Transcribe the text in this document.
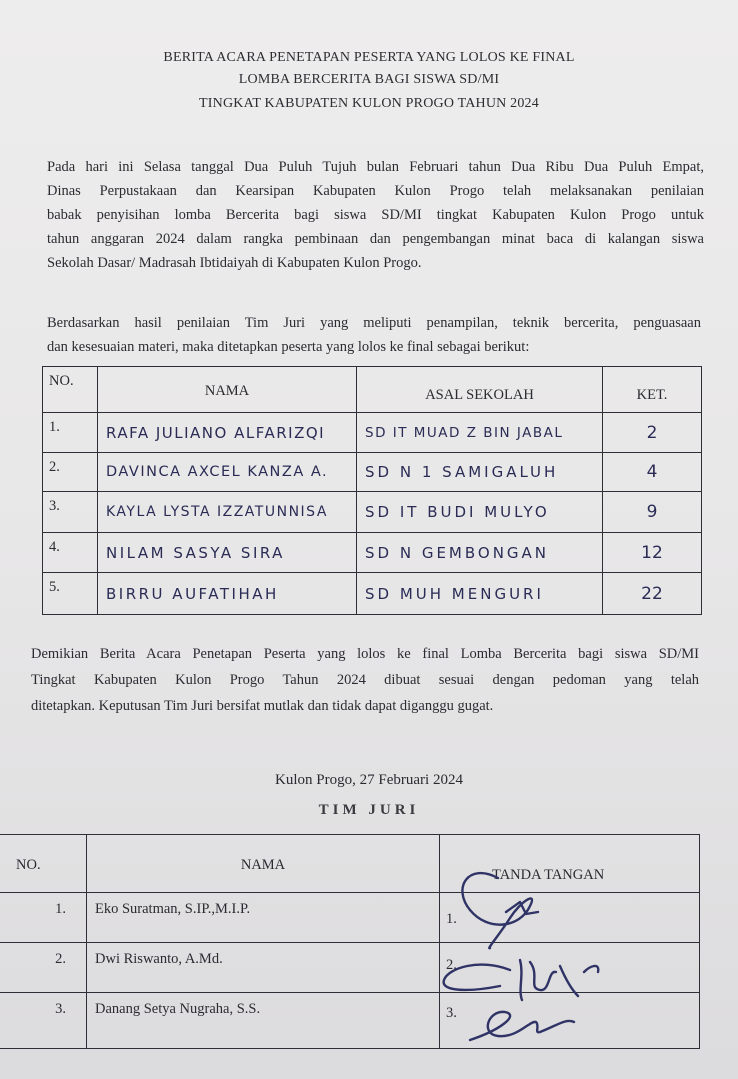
BERITA ACARA PENETAPAN PESERTA YANG LOLOS KE FINAL
LOMBA BERCERITA BAGI SISWA SD/MI
TINGKAT KABUPATEN KULON PROGO TAHUN 2024
Pada hari ini Selasa tanggal Dua Puluh Tujuh bulan Februari tahun Dua Ribu Dua Puluh Empat,
Dinas Perpustakaan dan Kearsipan Kabupaten Kulon Progo telah melaksanakan penilaian
babak penyisihan lomba Bercerita bagi siswa SD/MI tingkat Kabupaten Kulon Progo untuk
tahun anggaran 2024 dalam rangka pembinaan dan pengembangan minat baca di kalangan siswa
Sekolah Dasar/ Madrasah Ibtidaiyah di Kabupaten Kulon Progo.
Berdasarkan hasil penilaian Tim Juri yang meliputi penampilan, teknik bercerita, penguasaan
dan kesesuaian materi, maka ditetapkan peserta yang lolos ke final sebagai berikut:
NO.	NAMA	ASAL SEKOLAH	KET.
1.	RAFA JULIANO ALFARIZQI	SD IT MUAD Z BIN JABAL	2
2.	DAVINCA AXCEL KANZA A.	SD N 1 SAMIGALUH	4
3.	KAYLA LYSTA IZZATUNNISA	SD IT BUDI MULYO	9
4.	NILAM SASYA SIRA	SD N GEMBONGAN	12
5.	BIRRU AUFATIHAH	SD MUH MENGURI	22
Demikian Berita Acara Penetapan Peserta yang lolos ke final Lomba Bercerita bagi siswa SD/MI
Tingkat Kabupaten Kulon Progo Tahun 2024 dibuat sesuai dengan pedoman yang telah
ditetapkan. Keputusan Tim Juri bersifat mutlak dan tidak dapat diganggu gugat.
Kulon Progo, 27 Februari 2024
TIM JURI
NO.	NAMA	TANDA TANGAN
1.	Eko Suratman, S.IP.,M.I.P.	1.
2.	Dwi Riswanto, A.Md.	2.
3.	Danang Setya Nugraha, S.S.	3.
